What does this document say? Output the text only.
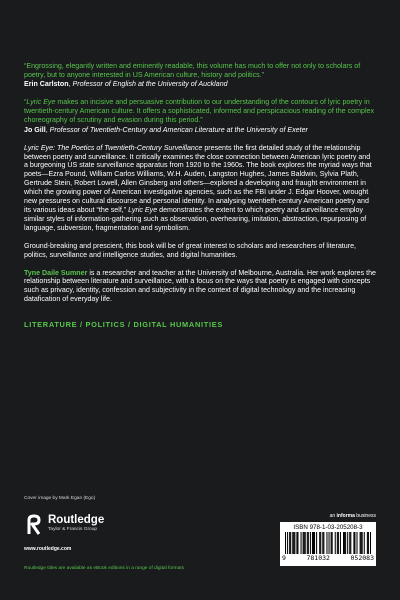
“Engrossing, elegantly written and eminently readable, this volume has much to offer not only to scholars of poetry, but to anyone interested in US American culture, history and politics.”

Erin Carlston, Professor of English at the University of Auckland

“Lyric Eye makes an incisive and persuasive contribution to our understanding of the contours of lyric poetry in twentieth-century American culture. It offers a sophisticated, informed and perspicacious reading of the complex choreography of scrutiny and evasion during this period.”

Jo Gill, Professor of Twentieth-Century and American Literature at the University of Exeter

Lyric Eye: The Poetics of Twentieth-Century Surveillance presents the first detailed study of the relationship between poetry and surveillance. It critically examines the close connection between American lyric poetry and a burgeoning US state surveillance apparatus from 1920 to the 1960s. The book explores the myriad ways that poets—Ezra Pound, William Carlos Williams, W.H. Auden, Langston Hughes, James Baldwin, Sylvia Plath, Gertrude Stein, Robert Lowell, Allen Ginsberg and others—explored a developing and fraught environment in which the growing power of American investigative agencies, such as the FBI under J. Edgar Hoover, wrought new pressures on cultural discourse and personal identity. In analysing twentieth-century American poetry and its various ideas about “the self,” Lyric Eye demonstrates the extent to which poetry and surveillance employ similar styles of information-gathering such as observation, overhearing, imitation, abstraction, repurposing of language, subversion, fragmentation and symbolism.

Ground-breaking and prescient, this book will be of great interest to scholars and researchers of literature, politics, surveillance and intelligence studies, and digital humanities.

Tyne Daile Sumner is a researcher and teacher at the University of Melbourne, Australia. Her work explores the relationship between literature and surveillance, with a focus on the ways that poetry is engaged with concepts such as privacy, identity, confession and subjectivity in the context of digital technology and the increasing datafication of everyday life.

LITERATURE / POLITICS / DIGITAL HUMANITIES
Cover image by Mark Egan (Ego)
Routledge
Taylor & Francis Group
www.routledge.com
an informa business
ISBN 978-1-03-205208-3
9	781032	052083
Routledge titles are available as eBook editions in a range of digital formats
